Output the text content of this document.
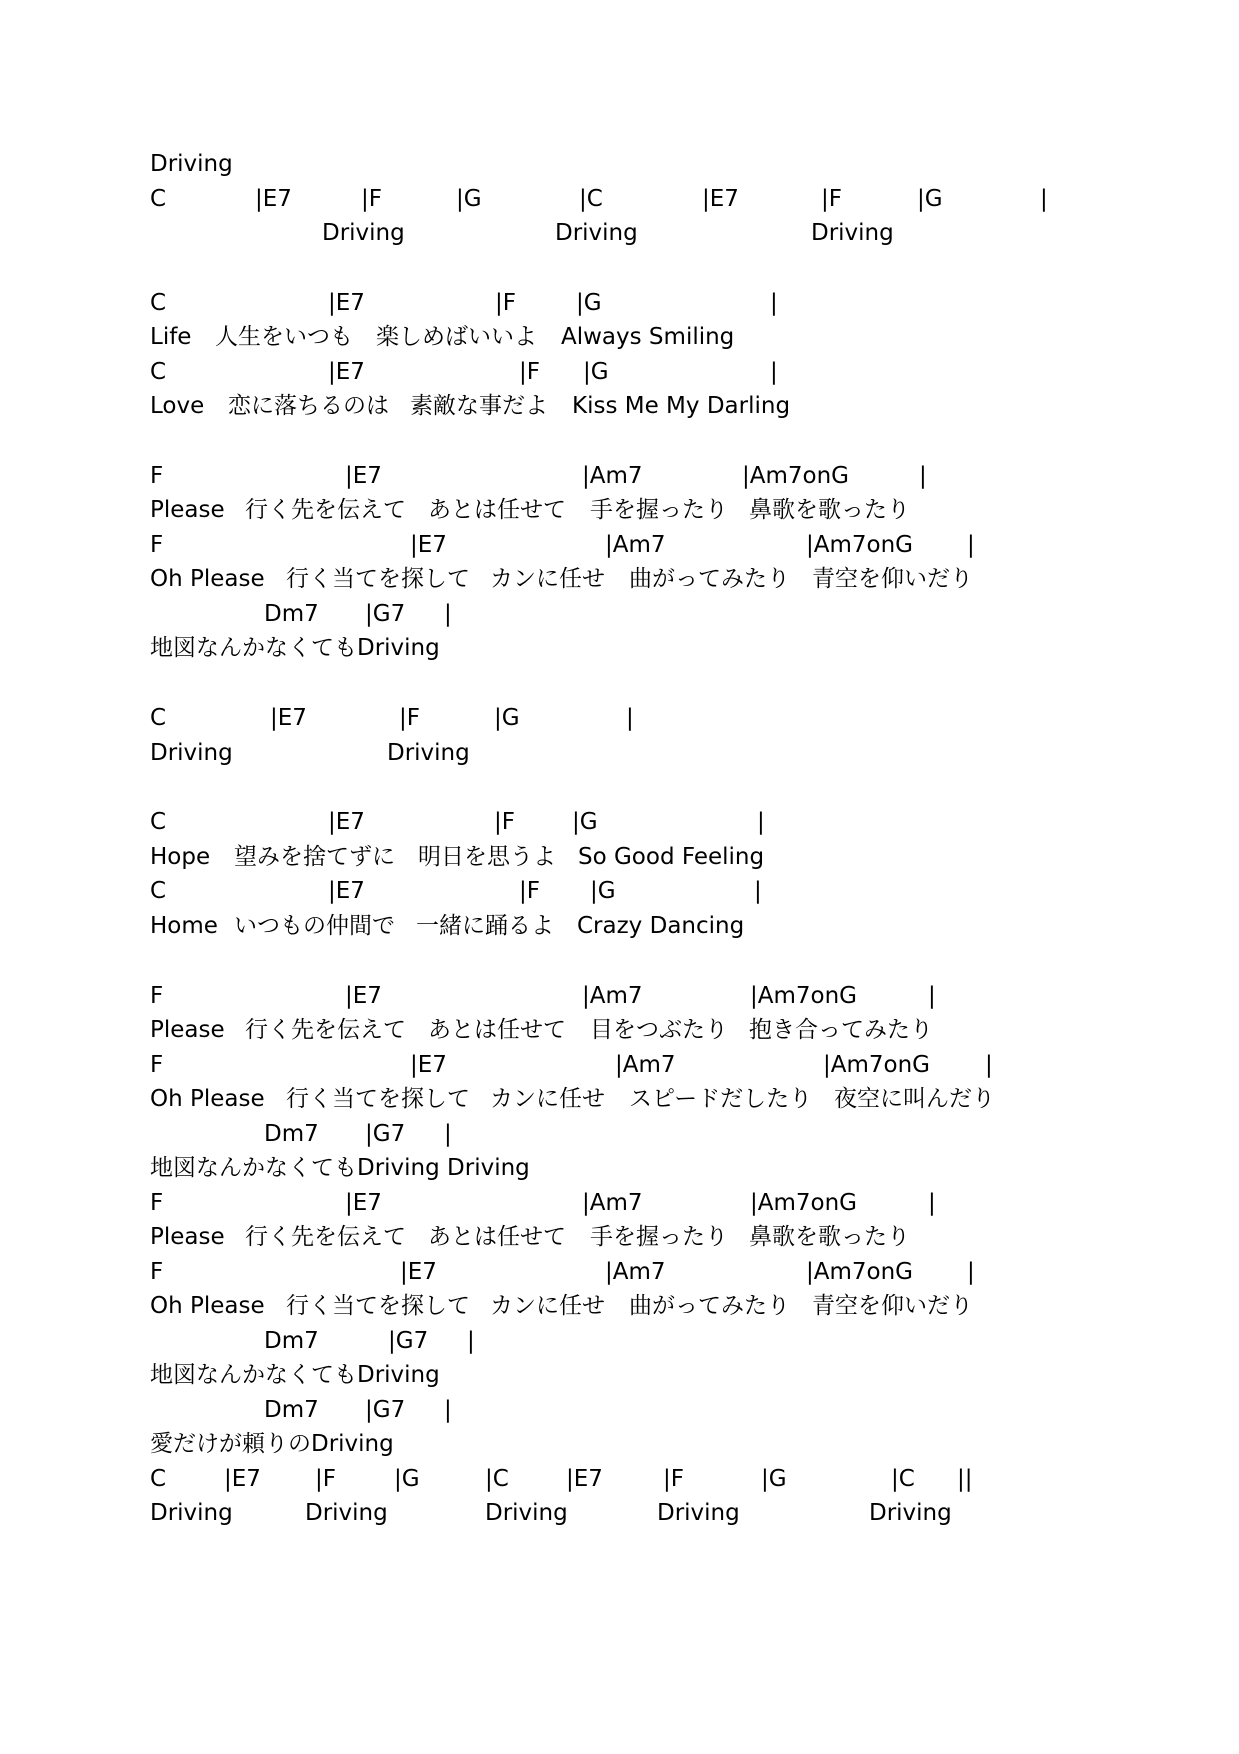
Driving
C	|E7	|F	|G	|C	|E7	|F	|G	|
Driving	Driving	Driving
C	|E7	|F	|G	|
Life 人生をいつも 楽しめばいいよ Always Smiling
C	|E7	|F |G	|
Love 恋に落ちるのは 素敵な事だよ Kiss Me My Darling
F	|E7	|Am7	|Am7onG	|
Please 行く先を伝えて あとは任せて 手を握ったり 鼻歌を歌ったり
F	|E7	|Am7	|Am7onG |
Oh Please 行く当てを探して カンに任せ 曲がってみたり 青空を仰いだり
Dm7 |G7 |
地図なんかなくてもDriving
C	|E7	|F	|G	|
Driving	Driving
C	|E7	|F |G	|
Hope 望みを捨てずに 明日を思うよ So Good Feeling
C	|E7	|F |G	|
Home いつもの仲間で 一緒に踊るよ Crazy Dancing
F	|E7	|Am7	|Am7onG	|
Please 行く先を伝えて あとは任せて 目をつぶたり 抱き合ってみたり
F	|E7	|Am7	|Am7onG |
Oh Please 行く当てを探して カンに任せ スピードだしたり 夜空に叫んだり
Dm7 |G7 |
地図なんかなくてもDriving Driving
F	|E7	|Am7	|Am7onG	|
Please 行く先を伝えて あとは任せて 手を握ったり 鼻歌を歌ったり
F	|E7	|Am7	|Am7onG |
Oh Please 行く当てを探して カンに任せ 曲がってみたり 青空を仰いだり
Dm7	|G7 |
地図なんかなくてもDriving
Dm7 |G7 |
愛だけが頼りのDriving
C	|E7 |F	|G	|C |E7	|F	|G	|C ||
Driving	Driving	Driving	Driving	Driving
